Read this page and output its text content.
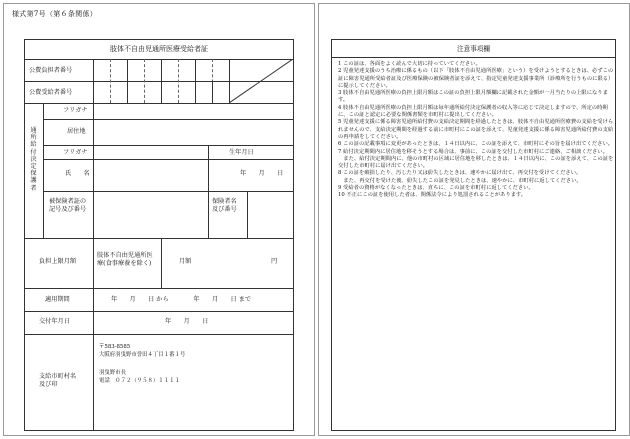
様式第7号（第６条関係）
肢体不自由児通所医療受給者証
公費負担者番号
公費受給者番号
通所給付決定保護者
フリガナ
居住地
フリガナ	生年月日
氏　　名	年　　月　　日
被保険者証の
記号及び番号
保険者名
及び番号
負担上限月額
肢体不自由児通所医
療(食事療養を除く)	月額	円
適用期間	年　　月　　日 から　　　　年　　月　　日 まで
交付年月日	年　　月　　日
支給市町村名
及び印
〒583-8585
大阪府羽曳野市誉田４丁目１番１号
羽曳野市長
電話　０７２（９５８）１１１１
注意事項欄

1 この証は、各面をよく読んで大切に持っていてください。

2 児童発達支援のうち治療に係るもの（以下「肢体不自由児通所医療」という）を受けようとするときは、必ずこの証に障害児通所受給者証及び医療保険の被保険者証を添えて、指定児童発達支援事業所（診療所を行うものに限る）に提示してください。

3 肢体不自由児通所医療の負担上限月額はこの証の負担上限月額欄に記載された金額が一月当たりの上限になります。

4 肢体不自由児通所医療の負担上限月額は毎年通所給付決定保護者の収入等に応じて決定しますので、所定の時期に、この証と認定に必要な関係書類を市町村に提出してください。

5 児童発達支援に係る障害児通所給付費の支給決定期間を経過したときは、肢体不自由児通所医療費の支給を受けられませんので、支給決定期間を経過する前に市町村にこの証を添えて、児童発達支援に係る障害児通所給付費の支給の再申請をしてください。

6 この証の記載事項に変更があったときは、１４日以内に、この証を添えて、市町村にその旨を届け出てください。

7 給付決定期間内に居住地を移そうとする場合は、事前に、この証を交付した市町村にご連絡、ご相談ください。

　また、給付決定期間内に、他の市町村の区域に居住地を移したときは、１４日以内に、この証を添えて、この証を交付した市町村に届け出てください。

8 この証を破損したり、汚したり又は紛失したときは、速やかに届け出て、再交付を受けてください。

　また、再交付を受けた後、紛失したこの証を発見したときは、速やかに、市町村に返してください。

9 受給者の資格がなくなったときは、直ちに、この証を市町村に返してください。

10 不正にこの証を使用した者は、関係法令により処罰されることがあります。
